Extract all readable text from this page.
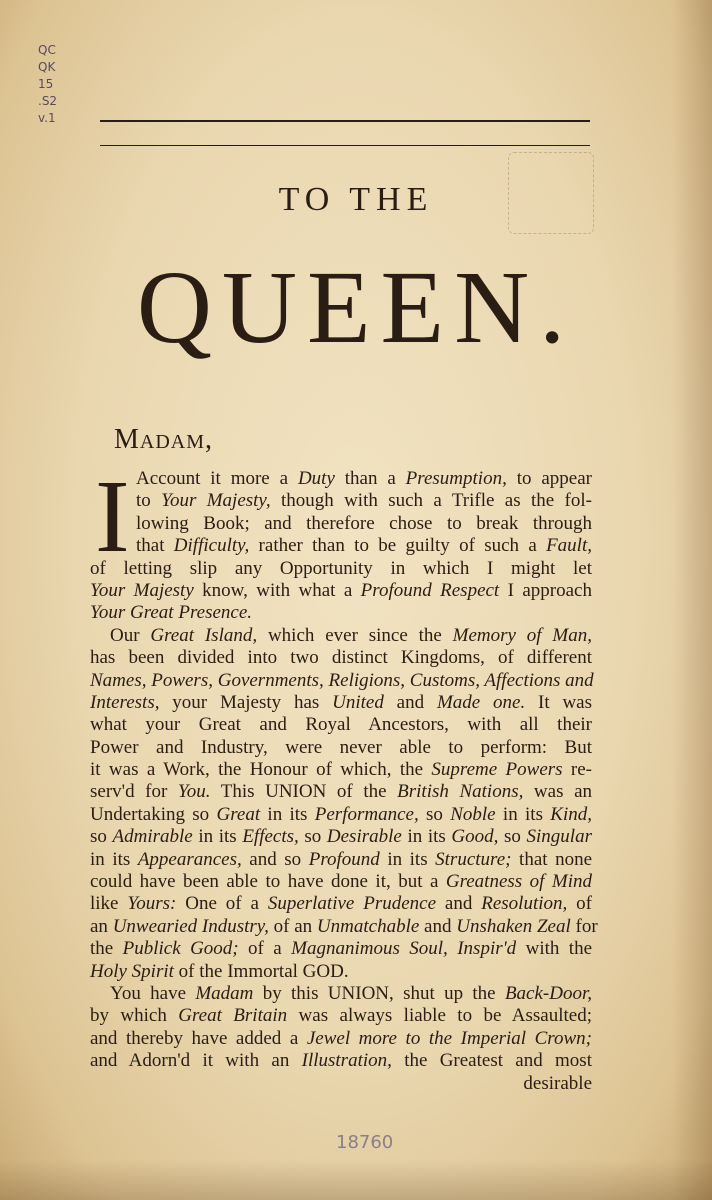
QC
QK
15
.S2
v.1
TO THE
QUEEN.
Madam,
I Account it more a Duty than a Presumption, to appear
to Your Majesty, though with such a Trifle as the fol-
lowing Book; and therefore chose to break through
that Difficulty, rather than to be guilty of such a Fault,
of letting slip any Opportunity in which I might let
Your Majesty know, with what a Profound Respect I approach
Your Great Presence.
Our Great Island, which ever since the Memory of Man,
has been divided into two distinct Kingdoms, of different
Names, Powers, Governments, Religions, Customs, Affections and
Interests, your Majesty has United and Made one. It was
what your Great and Royal Ancestors, with all their
Power and Industry, were never able to perform: But
it was a Work, the Honour of which, the Supreme Powers re-
serv'd for You. This UNION of the British Nations, was an
Undertaking so Great in its Performance, so Noble in its Kind,
so Admirable in its Effects, so Desirable in its Good, so Singular
in its Appearances, and so Profound in its Structure; that none
could have been able to have done it, but a Greatness of Mind
like Yours: One of a Superlative Prudence and Resolution, of
an Unwearied Industry, of an Unmatchable and Unshaken Zeal for
the Publick Good; of a Magnanimous Soul, Inspir'd with the
Holy Spirit of the Immortal GOD.
You have Madam by this UNION, shut up the Back-Door,
by which Great Britain was always liable to be Assaulted;
and thereby have added a Jewel more to the Imperial Crown;
and Adorn'd it with an Illustration, the Greatest and most
desirable
18760
